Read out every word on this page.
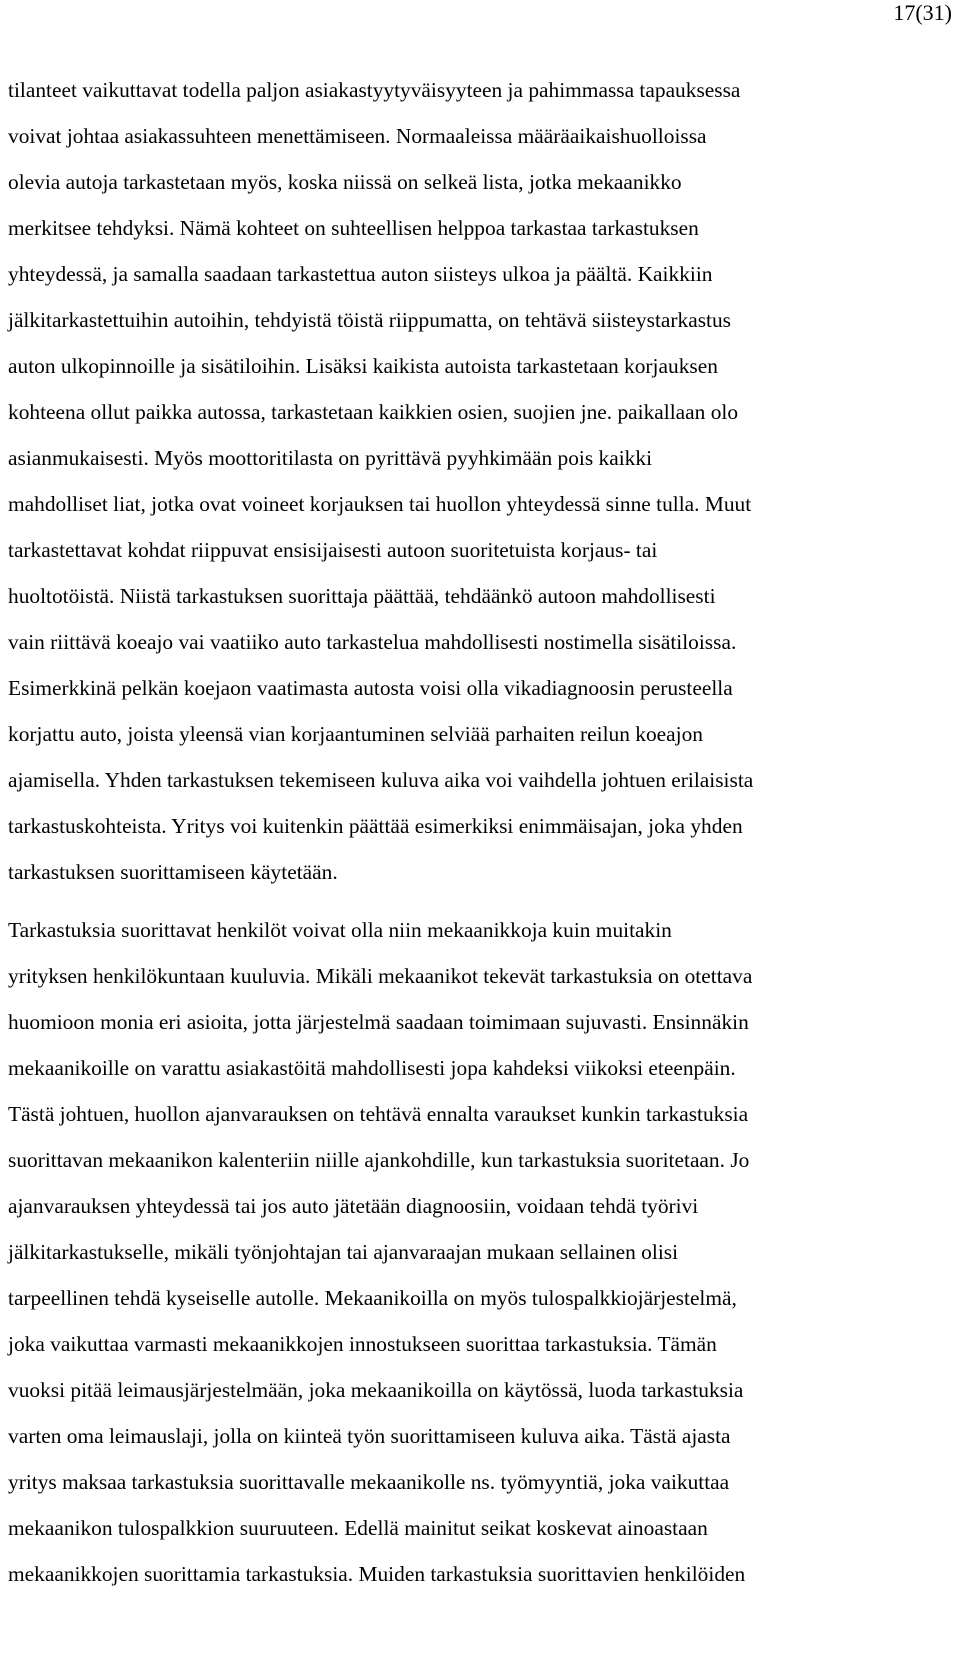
17(31)
tilanteet vaikuttavat todella paljon asiakastyytyväisyyteen ja pahimmassa tapauksessa
voivat johtaa asiakassuhteen menettämiseen. Normaaleissa määräaikaishuolloissa
olevia autoja tarkastetaan myös, koska niissä on selkeä lista, jotka mekaanikko
merkitsee tehdyksi. Nämä kohteet on suhteellisen helppoa tarkastaa tarkastuksen
yhteydessä, ja samalla saadaan tarkastettua auton siisteys ulkoa ja päältä. Kaikkiin
jälkitarkastettuihin autoihin, tehdyistä töistä riippumatta, on tehtävä siisteystarkastus
auton ulkopinnoille ja sisätiloihin. Lisäksi kaikista autoista tarkastetaan korjauksen
kohteena ollut paikka autossa, tarkastetaan kaikkien osien, suojien jne. paikallaan olo
asianmukaisesti. Myös moottoritilasta on pyrittävä pyyhkimään pois kaikki
mahdolliset liat, jotka ovat voineet korjauksen tai huollon yhteydessä sinne tulla. Muut
tarkastettavat kohdat riippuvat ensisijaisesti autoon suoritetuista korjaus- tai
huoltotöistä. Niistä tarkastuksen suorittaja päättää, tehdäänkö autoon mahdollisesti
vain riittävä koeajo vai vaatiiko auto tarkastelua mahdollisesti nostimella sisätiloissa.
Esimerkkinä pelkän koejaon vaatimasta autosta voisi olla vikadiagnoosin perusteella
korjattu auto, joista yleensä vian korjaantuminen selviää parhaiten reilun koeajon
ajamisella. Yhden tarkastuksen tekemiseen kuluva aika voi vaihdella johtuen erilaisista
tarkastuskohteista. Yritys voi kuitenkin päättää esimerkiksi enimmäisajan, joka yhden
tarkastuksen suorittamiseen käytetään.
Tarkastuksia suorittavat henkilöt voivat olla niin mekaanikkoja kuin muitakin
yrityksen henkilökuntaan kuuluvia. Mikäli mekaanikot tekevät tarkastuksia on otettava
huomioon monia eri asioita, jotta järjestelmä saadaan toimimaan sujuvasti. Ensinnäkin
mekaanikoille on varattu asiakastöitä mahdollisesti jopa kahdeksi viikoksi eteenpäin.
Tästä johtuen, huollon ajanvarauksen on tehtävä ennalta varaukset kunkin tarkastuksia
suorittavan mekaanikon kalenteriin niille ajankohdille, kun tarkastuksia suoritetaan. Jo
ajanvarauksen yhteydessä tai jos auto jätetään diagnoosiin, voidaan tehdä työrivi
jälkitarkastukselle, mikäli työnjohtajan tai ajanvaraajan mukaan sellainen olisi
tarpeellinen tehdä kyseiselle autolle. Mekaanikoilla on myös tulospalkkiojärjestelmä,
joka vaikuttaa varmasti mekaanikkojen innostukseen suorittaa tarkastuksia. Tämän
vuoksi pitää leimausjärjestelmään, joka mekaanikoilla on käytössä, luoda tarkastuksia
varten oma leimauslaji, jolla on kiinteä työn suorittamiseen kuluva aika. Tästä ajasta
yritys maksaa tarkastuksia suorittavalle mekaanikolle ns. työmyyntiä, joka vaikuttaa
mekaanikon tulospalkkion suuruuteen. Edellä mainitut seikat koskevat ainoastaan
mekaanikkojen suorittamia tarkastuksia. Muiden tarkastuksia suorittavien henkilöiden
